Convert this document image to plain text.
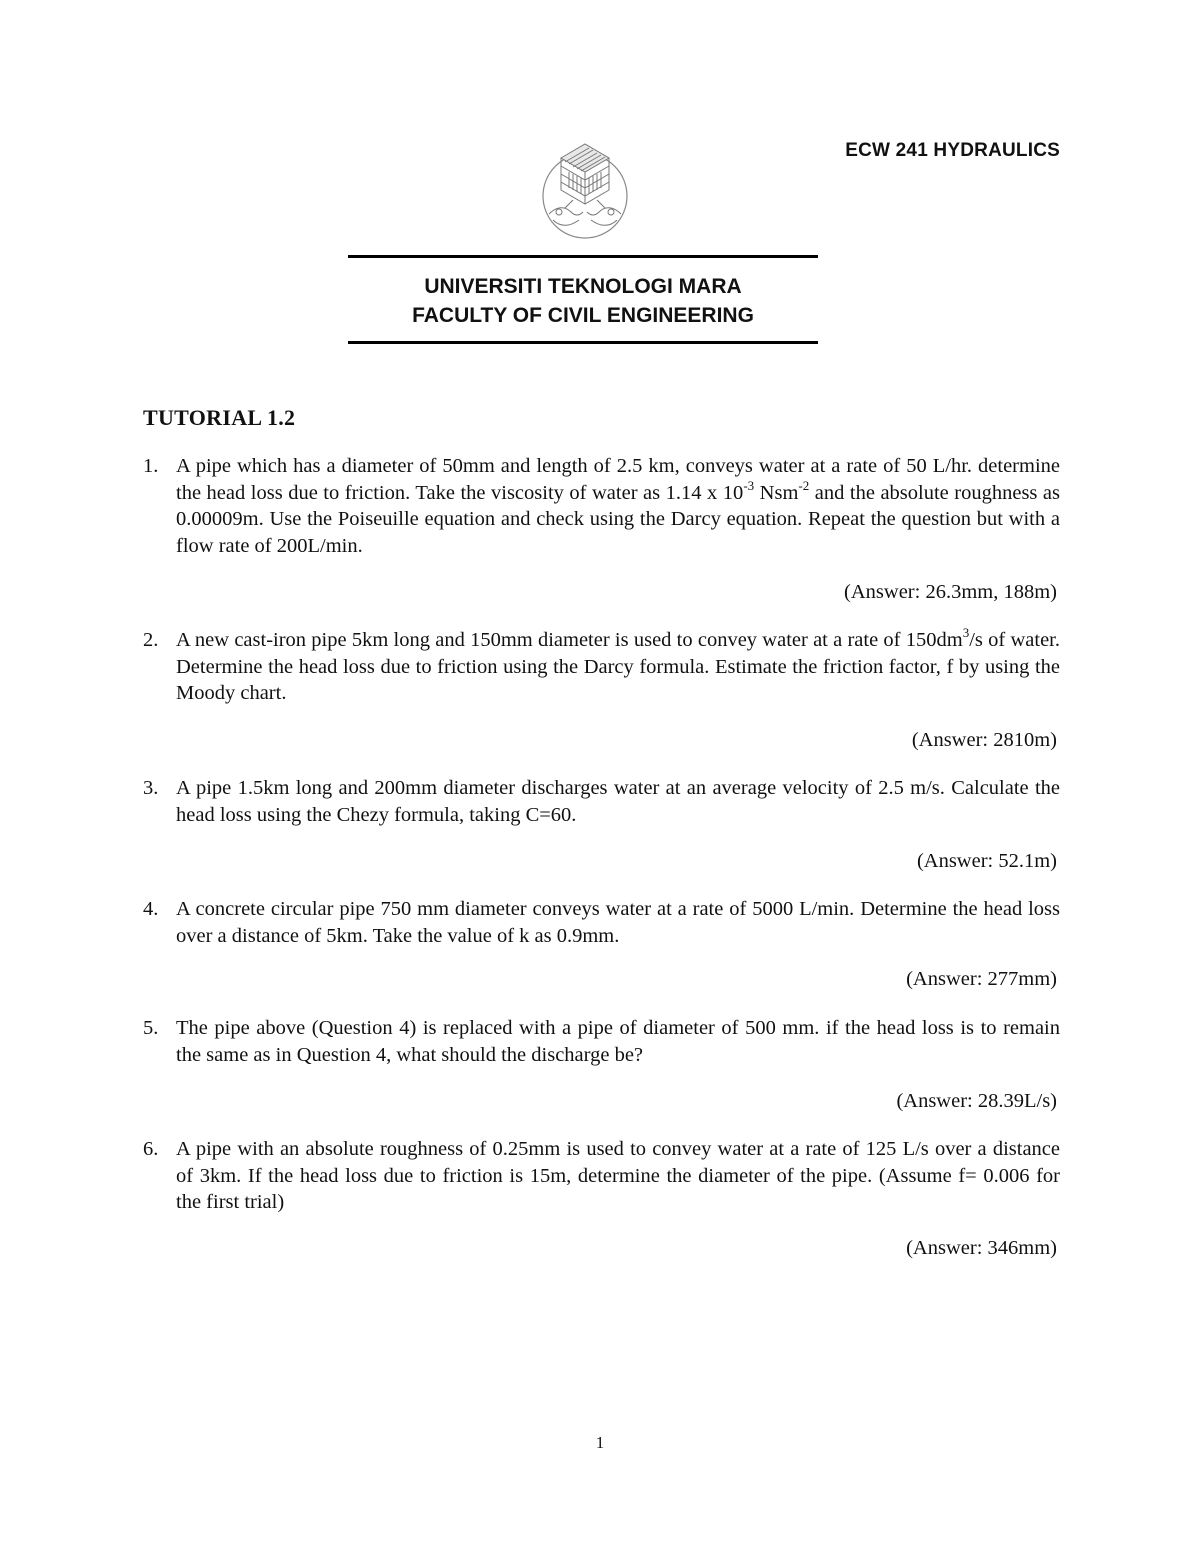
ECW 241 HYDRAULICS
UNIVERSITI TEKNOLOGI MARA
FACULTY OF CIVIL ENGINEERING
TUTORIAL 1.2
1. A pipe which has a diameter of 50mm and length of 2.5 km, conveys water at a rate of 50 L/hr. determine the head loss due to friction. Take the viscosity of water as 1.14 x $10^{-3}$ Nsm$^{-2}$ and the absolute roughness as 0.00009m. Use the Poiseuille equation and check using the Darcy equation. Repeat the question but with a flow rate of 200L/min.
(Answer: 26.3mm, 188m)
2. A new cast-iron pipe 5km long and 150mm diameter is used to convey water at a rate of $150dm^3/s$ of water. Determine the head loss due to friction using the Darcy formula. Estimate the friction factor, f by using the Moody chart.
(Answer: 2810m)
3. A pipe 1.5km long and 200mm diameter discharges water at an average velocity of 2.5 m/s. Calculate the head loss using the Chezy formula, taking C=60.
(Answer: 52.1m)
4. A concrete circular pipe 750 mm diameter conveys water at a rate of 5000 L/min. Determine the head loss over a distance of 5km. Take the value of k as 0.9mm.
(Answer: 277mm)
5. The pipe above (Question 4) is replaced with a pipe of diameter of 500 mm. if the head loss is to remain the same as in Question 4, what should the discharge be?
(Answer: 28.39L/s)
6. A pipe with an absolute roughness of 0.25mm is used to convey water at a rate of 125 L/s over a distance of 3km. If the head loss due to friction is 15m, determine the diameter of the pipe. (Assume f= 0.006 for the first trial)
(Answer: 346mm)
1
